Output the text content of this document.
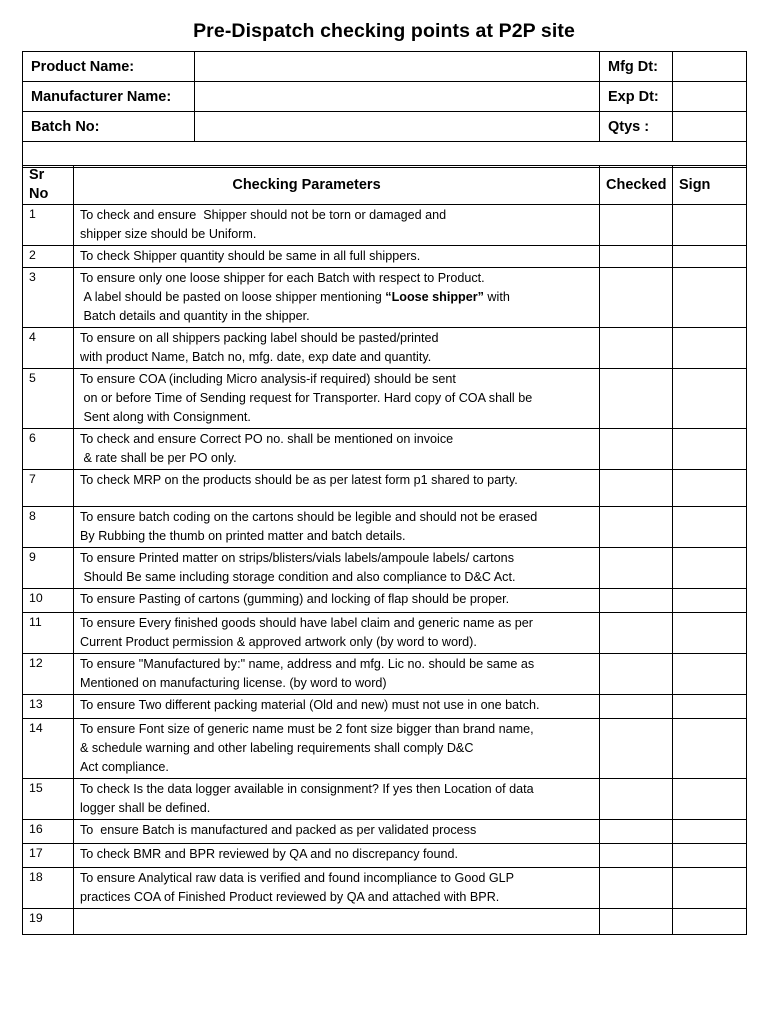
Pre-Dispatch checking points at P2P site
Product Name:		Mfg Dt:	
Manufacturer Name:		Exp Dt:	
Batch No:		Qtys :	

Sr No	Checking Parameters	Checked	Sign
1	To check and ensure  Shipper should not be torn or damaged and
shipper size should be Uniform.		

2	To check Shipper quantity should be same in all full shippers.		

3	To ensure only one loose shipper for each Batch with respect to Product.
A label should be pasted on loose shipper mentioning “Loose shipper” with
Batch details and quantity in the shipper.		

4	To ensure on all shippers packing label should be pasted/printed
with product Name, Batch no, mfg. date, exp date and quantity.		

5	To ensure COA (including Micro analysis-if required) should be sent
on or before Time of Sending request for Transporter. Hard copy of COA shall be
Sent along with Consignment.		

6	To check and ensure Correct PO no. shall be mentioned on invoice
& rate shall be per PO only.		

7	To check MRP on the products should be as per latest form p1 shared to party.		

8	To ensure batch coding on the cartons should be legible and should not be erased
By Rubbing the thumb on printed matter and batch details.		

9	To ensure Printed matter on strips/blisters/vials labels/ampoule labels/ cartons
Should Be same including storage condition and also compliance to D&C Act.		

10	To ensure Pasting of cartons (gumming) and locking of flap should be proper.		

11	To ensure Every finished goods should have label claim and generic name as per
Current Product permission & approved artwork only (by word to word).		

12	To ensure "Manufactured by:" name, address and mfg. Lic no. should be same as
Mentioned on manufacturing license. (by word to word)		

13	To ensure Two different packing material (Old and new) must not use in one batch.		

14	To ensure Font size of generic name must be 2 font size bigger than brand name,
& schedule warning and other labeling requirements shall comply D&C
Act compliance.		

15	To check Is the data logger available in consignment? If yes then Location of data
logger shall be defined.		

16	To  ensure Batch is manufactured and packed as per validated process		

17	To check BMR and BPR reviewed by QA and no discrepancy found.		

18	To ensure Analytical raw data is verified and found incompliance to Good GLP
practices COA of Finished Product reviewed by QA and attached with BPR.		

19	
